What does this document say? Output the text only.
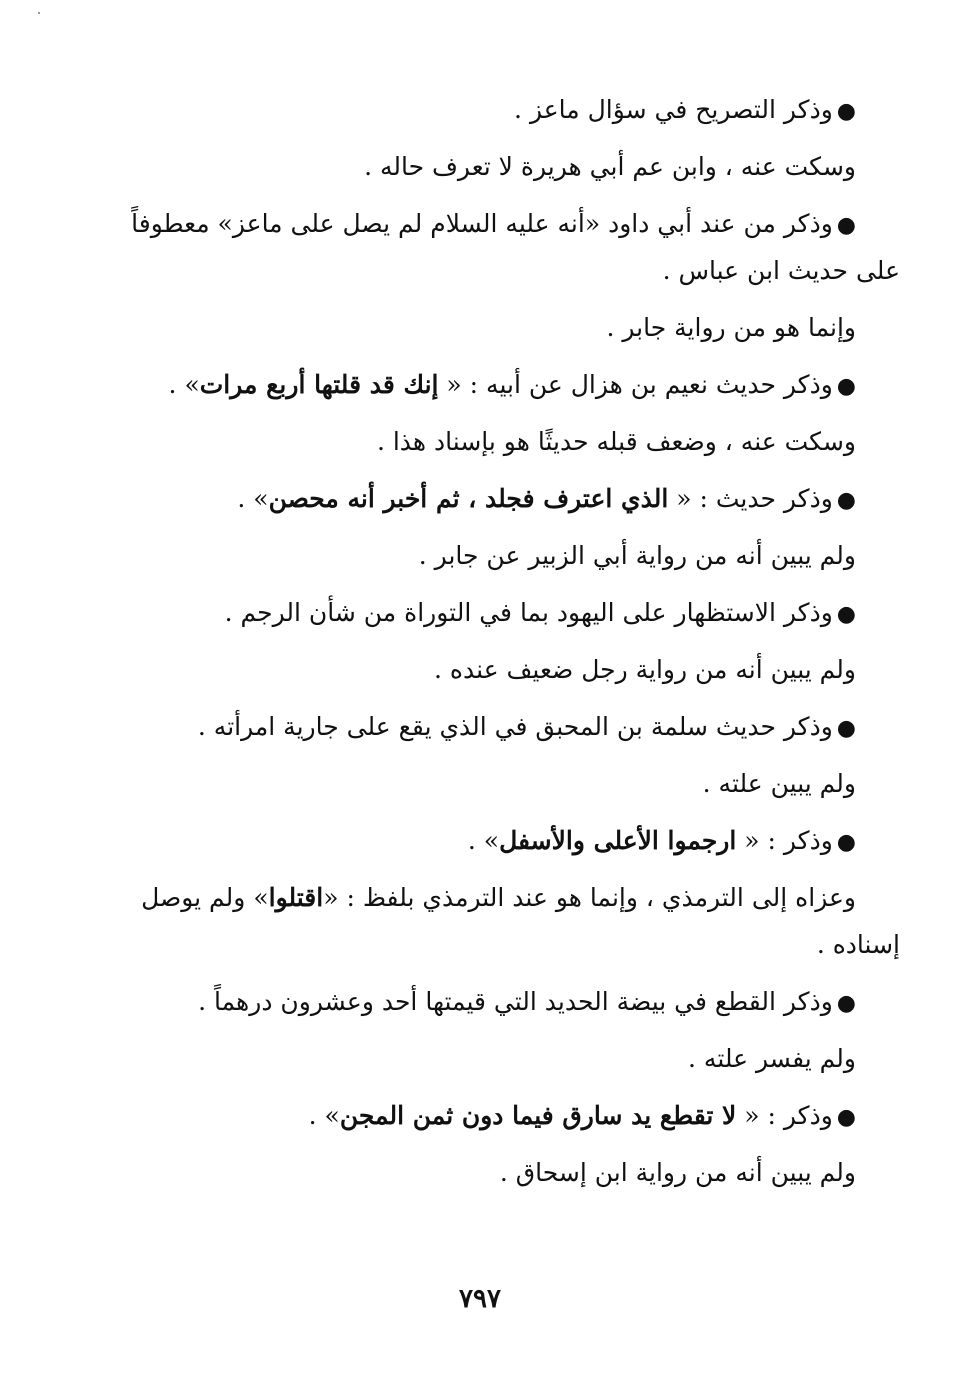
●وذكر التصريح في سؤال ماعز .
وسكت عنه ، وابن عم أبي هريرة لا تعرف حاله .
●وذكر من عند أبي داود «أنه عليه السلام لم يصل على ماعز» معطوفاً
على حديث ابن عباس .
وإنما هو من رواية جابر .
●وذكر حديث نعيم بن هزال عن أبيه : « إنك قد قلتها أربع مرات» .
وسكت عنه ، وضعف قبله حديثًا هو بإسناد هذا .
●وذكر حديث : « الذي اعترف فجلد ، ثم أخبر أنه محصن» .
ولم يبين أنه من رواية أبي الزبير عن جابر .
●وذكر الاستظهار على اليهود بما في التوراة من شأن الرجم .
ولم يبين أنه من رواية رجل ضعيف عنده .
●وذكر حديث سلمة بن المحبق في الذي يقع على جارية امرأته .
ولم يبين علته .
●وذكر : « ارجموا الأعلى والأسفل» .
وعزاه إلى الترمذي ، وإنما هو عند الترمذي بلفظ : «اقتلوا» ولم يوصل
إسناده .
●وذكر القطع في بيضة الحديد التي قيمتها أحد وعشرون درهماً .
ولم يفسر علته .
●وذكر : « لا تقطع يد سارق فيما دون ثمن المجن» .
ولم يبين أنه من رواية ابن إسحاق .
٧٩٧
